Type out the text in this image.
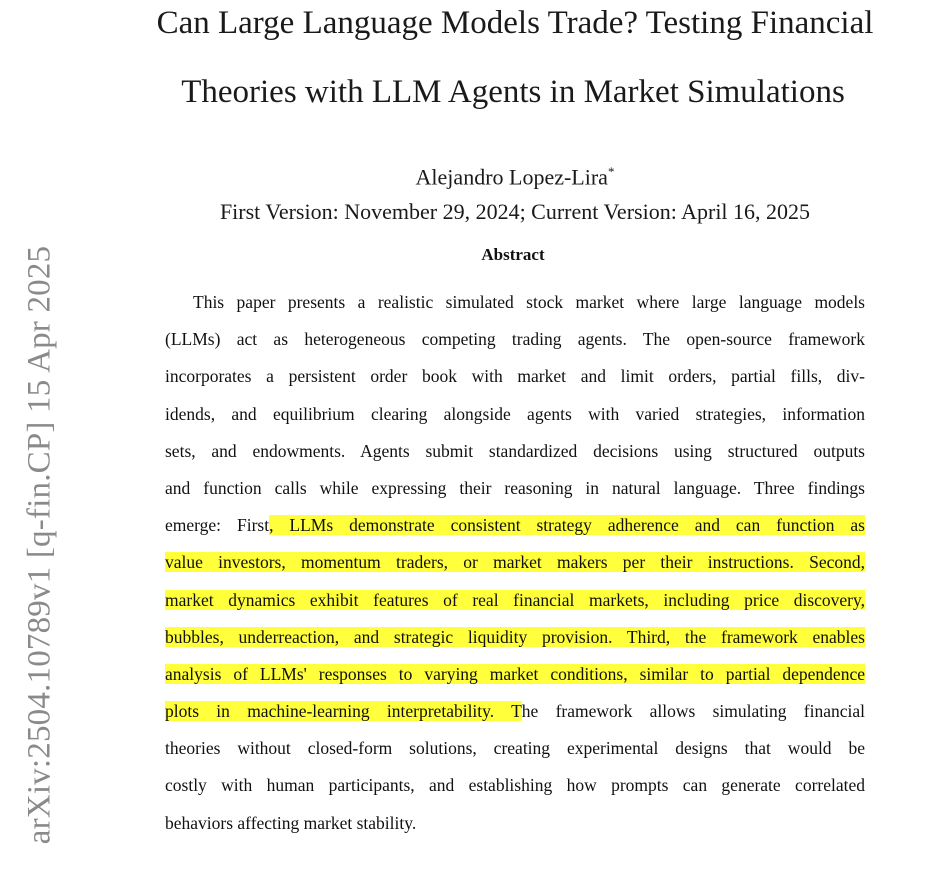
arXiv:2504.10789v1 [q-fin.CP] 15 Apr 2025
Can Large Language Models Trade? Testing Financial
Theories with LLM Agents in Market Simulations
Alejandro Lopez-Lira*
First Version: November 29, 2024; Current Version: April 16, 2025
Abstract
This paper presents a realistic simulated stock market where large language models
(LLMs) act as heterogeneous competing trading agents. The open-source framework
incorporates a persistent order book with market and limit orders, partial fills, div-
idends, and equilibrium clearing alongside agents with varied strategies, information
sets, and endowments. Agents submit standardized decisions using structured outputs
and function calls while expressing their reasoning in natural language. Three findings
emerge: First, LLMs demonstrate consistent strategy adherence and can function as
value investors, momentum traders, or market makers per their instructions. Second,
market dynamics exhibit features of real financial markets, including price discovery,
bubbles, underreaction, and strategic liquidity provision. Third, the framework enables
analysis of LLMs' responses to varying market conditions, similar to partial dependence
plots in machine-learning interpretability. The framework allows simulating financial
theories without closed-form solutions, creating experimental designs that would be
costly with human participants, and establishing how prompts can generate correlated
behaviors affecting market stability.
